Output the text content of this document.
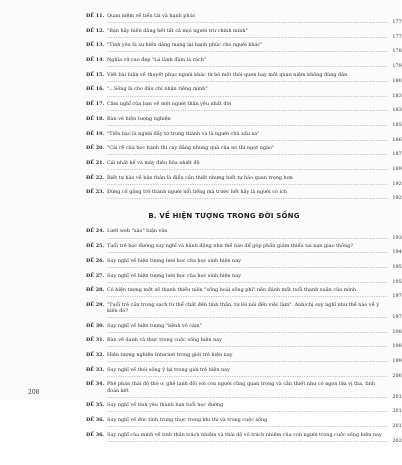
ĐỀ 11. Quan niệm về tiền tài và hạnh phúc ................................................................................................................................................................ 177
ĐỀ 12. "Bạn hãy hiến dâng hết tất cả mọi người trừ chính mình" ................................................................................................................................................................ 177
ĐỀ 13. "Tình yêu là sự hiến dâng mang lại hạnh phúc cho người khác" ................................................................................................................................................................ 178
ĐỀ 14. Nghĩa cử cao đẹp "Lá lành đùm lá rách" ................................................................................................................................................................ 179
ĐỀ 15. Viết bài luận về thuyết phục người khác từ bỏ một thói quen hay một quan niệm không đúng đắn ................................................................................................................................................................ 180
ĐỀ 16. "...Sống là cho đâu chỉ nhận riêng mình" ................................................................................................................................................................ 183
ĐỀ 17. Cảm nghĩ của bạn về một người thân yêu nhất đời ................................................................................................................................................................ 183
ĐỀ 18. Bàn về hiện tượng nghiện ................................................................................................................................................................ 185
ĐỀ 19. "Tiền bạc là người đầy tớ trung thành và là người chủ xấu xa" ................................................................................................................................................................ 186
ĐỀ 20. "Cái rễ của học hành thì cay đắng nhưng quả của nó thì ngọt ngào" ................................................................................................................................................................ 187
ĐỀ 21. Cái nhất kể và máy điều hỏa nhiệt độ ................................................................................................................................................................ 189
ĐỀ 22. Biết tự hào về bản thân là điều cần thiết nhưng biết tự hào quan trọng hơn ................................................................................................................................................................ 192
ĐỀ 23. Đừng cố gắng trở thành người nổi tiếng mà trước hết hãy là người có ích ................................................................................................................................................................ 192
B. VỀ HIỆN TƯỢNG TRONG ĐỜI SỐNG
ĐỀ 24. Lướt web "xào" luận văn ................................................................................................................................................................ 193
ĐỀ 25. Tuổi trẻ học đường suy nghĩ và hành động như thế nào để góp phần giảm thiểu tai nạn giao thông? ................................................................................................................................................................ 194
ĐỀ 26. Suy nghĩ về hiện tượng lười học của học sinh hiện nay ................................................................................................................................................................ 195
ĐỀ 27. Suy nghĩ về hiện tượng lười học của học sinh hiện nay ................................................................................................................................................................ 195
ĐỀ 28. Có hiện tượng một số thanh thiếu niên "sống hoài sống phí" nên đánh mất tuổi thanh xuân của mình ................................................................................................................................................................ 197
ĐỀ 29. "Tuổi trẻ cần trong sạch từ thể chất đến tinh thần, từ lời nói đến việc làm". Anh/chị suy nghĩ như thế nào về ý kiến đó? ................................................................................................................................................................ 197
ĐỀ 30. Suy nghĩ về hiện tượng "bệnh vô cảm" ................................................................................................................................................................ 198
ĐỀ 31. Bàn về danh và thực trong cuộc sống hiện nay ................................................................................................................................................................ 198
ĐỀ 32. Hiện tượng nghiện Internet trong giới trẻ hiện nay ................................................................................................................................................................ 199
ĐỀ 33. Suy nghĩ về thói sống ỷ lại trong giới trẻ hiện nay ................................................................................................................................................................ 200
ĐỀ 34. Phê phán thái độ thờ ơ, ghẻ lạnh đối với con người cũng quan trọng và cần thiết như có ngọn lửa vị tha, tình đoàn kết ................................................................................................................................................................ 201
ĐỀ 35. Suy nghĩ về tình yêu thành bạn tuổi học đường ................................................................................................................................................................ 201
ĐỀ 36. Suy nghĩ về đức tính trung thực trong khi thi và trong cuộc sống ................................................................................................................................................................ 201
ĐỀ 36. Suy nghĩ của mình về tinh thần trách nhiệm và thái độ vô trách nhiệm của con người trong cuộc sống hiện nay ................................................................................................................................................................ 202
208
